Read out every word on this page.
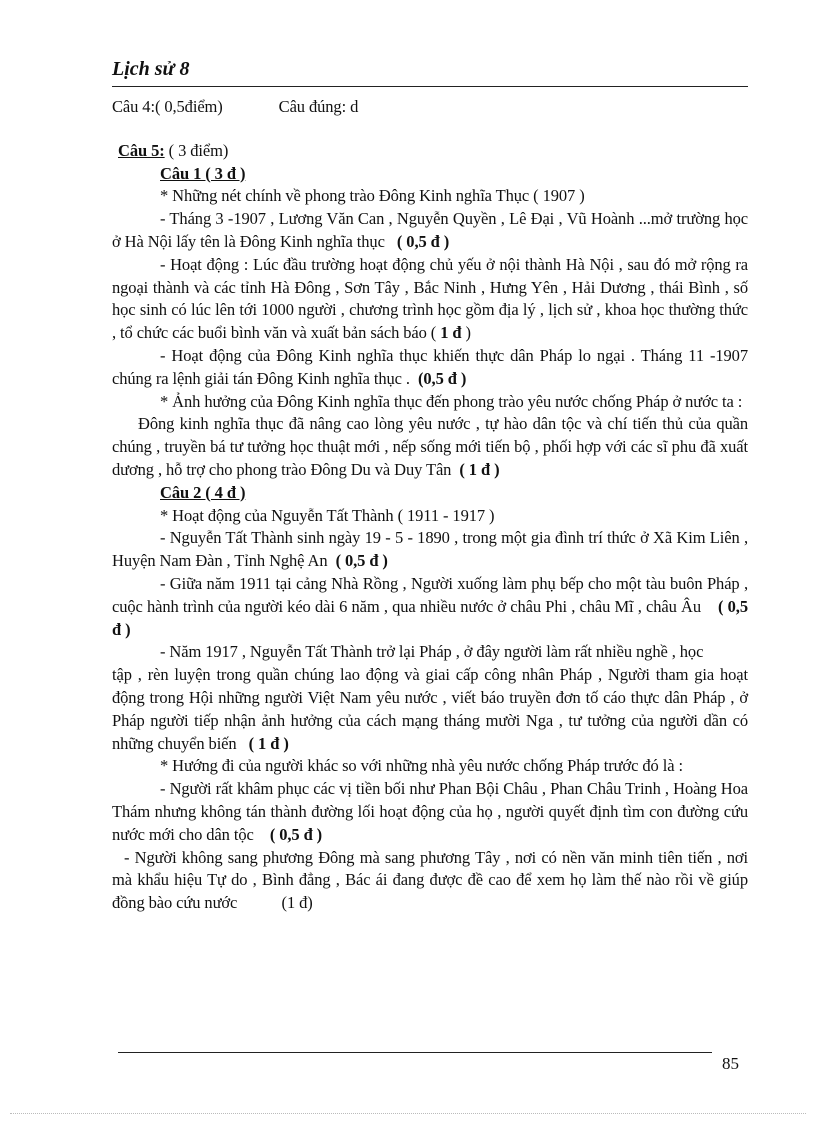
Lịch sử 8
Câu 4:( 0,5điểm)	Câu đúng: d

Câu 5: ( 3 điểm)

Câu 1 ( 3 đ )

* Những nét chính về phong trào Đông Kinh nghĩa Thục ( 1907 )

- Tháng 3 -1907 , Lương Văn Can , Nguyễn Quyền , Lê Đại , Vũ Hoành ...mở trường học ở Hà Nội lấy tên là Đông Kinh nghĩa thục ( 0,5 đ )

- Hoạt động : Lúc đầu trường hoạt động chủ yếu ở nội thành Hà Nội , sau đó mở rộng ra ngoại thành và các tỉnh Hà Đông , Sơn Tây , Bắc Ninh , Hưng Yên , Hải Dương , thái Bình , số học sinh có lúc lên tới 1000 người , chương trình học gồm địa lý , lịch sử , khoa học thường thức , tổ chức các buổi bình văn và xuất bản sách báo ( 1 đ )

- Hoạt động của Đông Kinh nghĩa thục khiến thực dân Pháp lo ngại . Tháng 11 -1907 chúng ra lệnh giải tán Đông Kinh nghĩa thục . (0,5 đ )

* Ảnh hưởng của Đông Kinh nghĩa thục đến phong trào yêu nước chống Pháp ở nước ta :

Đông kinh nghĩa thục đã nâng cao lòng yêu nước , tự hào dân tộc và chí tiến thủ của quần chúng , truyền bá tư tưởng học thuật mới , nếp sống mới tiến bộ , phối hợp với các sĩ phu đã xuất dương , hỗ trợ cho phong trào Đông Du và Duy Tân ( 1 đ )

Câu 2 ( 4 đ )

* Hoạt động của Nguyễn Tất Thành ( 1911 - 1917 )

- Nguyễn Tất Thành sinh ngày 19 - 5 - 1890 , trong một gia đình trí thức ở Xã Kim Liên , Huyện Nam Đàn , Tỉnh Nghệ An ( 0,5 đ )

- Giữa năm 1911 tại cảng Nhà Rồng , Người xuống làm phụ bếp cho một tàu buôn Pháp , cuộc hành trình của người kéo dài 6 năm , qua nhiều nước ở châu Phi , châu Mĩ , châu Âu ( 0,5 đ )

- Năm 1917 , Nguyễn Tất Thành trở lại Pháp , ở đây người làm rất nhiều nghề , học

tập , rèn luyện trong quần chúng lao động và giai cấp công nhân Pháp , Người tham gia hoạt động trong Hội những người Việt Nam yêu nước , viết báo truyền đơn tố cáo thực dân Pháp , ở Pháp người tiếp nhận ảnh hưởng của cách mạng tháng mười Nga , tư tưởng của người dần có những chuyển biến ( 1 đ )

* Hướng đi của người khác so với những nhà yêu nước chống Pháp trước đó là :

- Người rất khâm phục các vị tiền bối như Phan Bội Châu , Phan Châu Trinh , Hoàng Hoa Thám nhưng không tán thành đường lối hoạt động của họ , người quyết định tìm con đường cứu nước mới cho dân tộc ( 0,5 đ )

- Người không sang phương Đông mà sang phương Tây , nơi có nền văn minh tiên tiến , nơi mà khẩu hiệu Tự do , Bình đẳng , Bác ái đang được đề cao để xem họ làm thế nào rồi về giúp đồng bào cứu nước	(1 đ)

85
